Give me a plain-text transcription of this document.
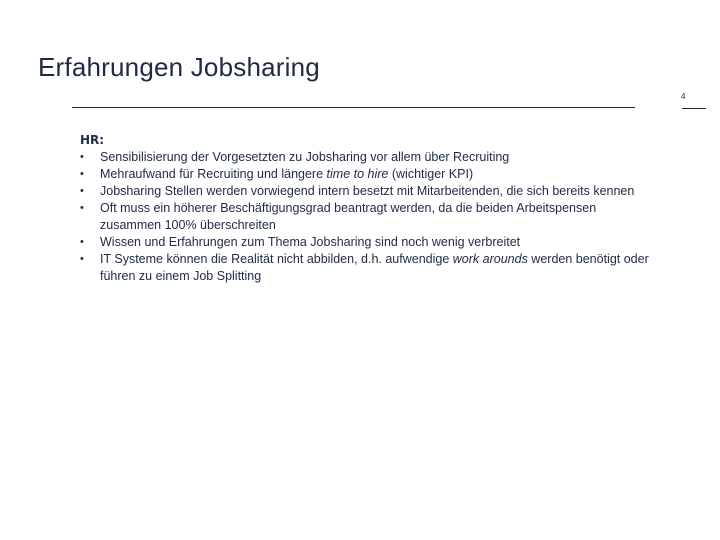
Erfahrungen Jobsharing
4
HR:
•	Sensibilisierung der Vorgesetzten zu Jobsharing vor allem über Recruiting
•	Mehraufwand für Recruiting und längere time to hire (wichtiger KPI)
•	Jobsharing Stellen werden vorwiegend intern besetzt mit Mitarbeitenden, die sich bereits kennen
•	Oft muss ein höherer Beschäftigungsgrad beantragt werden, da die beiden Arbeitspensen zusammen 100% überschreiten
•	Wissen und Erfahrungen zum Thema Jobsharing sind noch wenig verbreitet
•	IT Systeme können die Realität nicht abbilden, d.h. aufwendige work arounds werden benötigt oder führen zu einem Job Splitting
